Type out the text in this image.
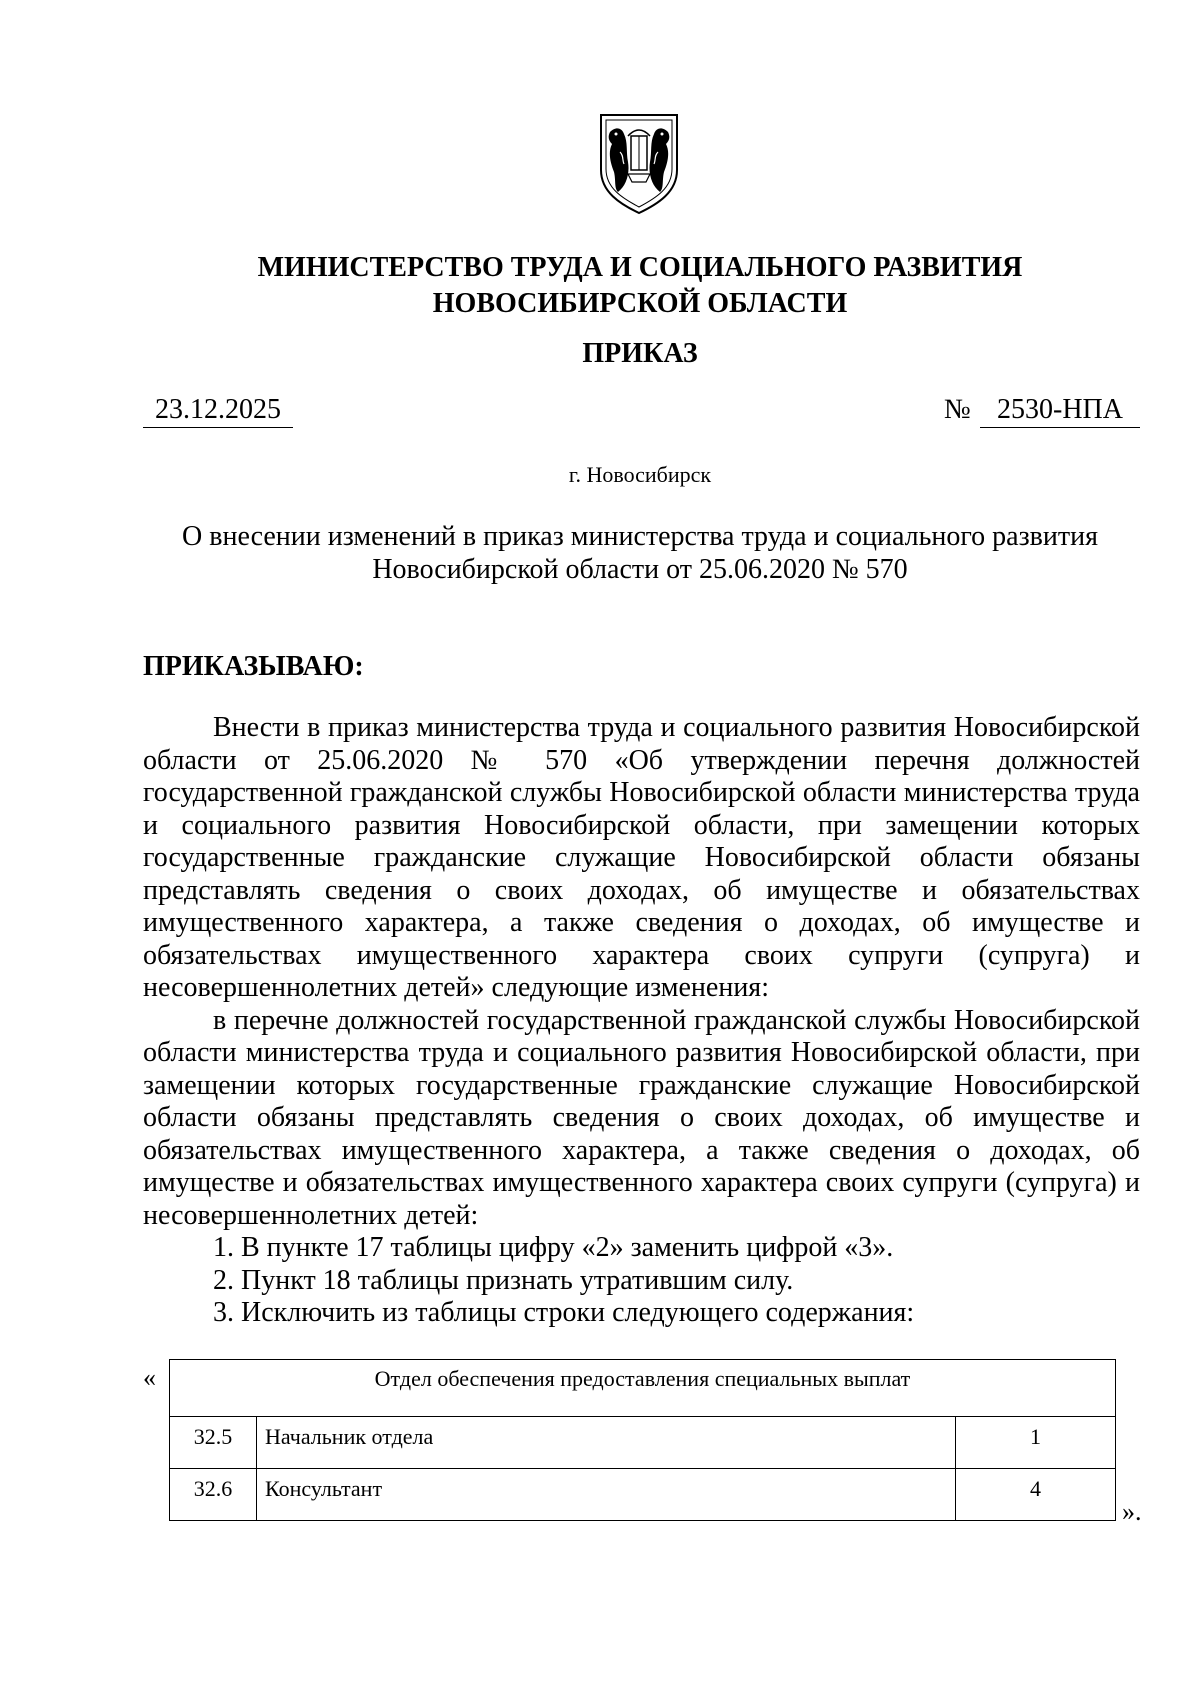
МИНИСТЕРСТВО ТРУДА И СОЦИАЛЬНОГО РАЗВИТИЯ
НОВОСИБИРСКОЙ ОБЛАСТИ
ПРИКАЗ
23.12.2025	№ 2530-НПА
г. Новосибирск
О внесении изменений в приказ министерства труда и социального развития
Новосибирской области от 25.06.2020 № 570
ПРИКАЗЫВАЮ:

Внести в приказ министерства труда и социального развития Новосибирской области от 25.06.2020 № 570 «Об утверждении перечня должностей государственной гражданской службы Новосибирской области министерства труда и социального развития Новосибирской области, при замещении которых государственные гражданские служащие Новосибирской области обязаны представлять сведения о своих доходах, об имуществе и обязательствах имущественного характера, а также сведения о доходах, об имуществе и обязательствах имущественного характера своих супруги (супруга) и несовершеннолетних детей» следующие изменения:

в перечне должностей государственной гражданской службы Новосибирской области министерства труда и социального развития Новосибирской области, при замещении которых государственные гражданские служащие Новосибирской области обязаны представлять сведения о своих доходах, об имуществе и обязательствах имущественного характера, а также сведения о доходах, об имуществе и обязательствах имущественного характера своих супруги (супруга) и несовершеннолетних детей:

1. В пункте 17 таблицы цифру «2» заменить цифрой «3».

2. Пункт 18 таблицы признать утратившим силу.

3. Исключить из таблицы строки следующего содержания:

«	Отдел обеспечения предоставления специальных выплат		
32.5	Начальник отдела	1
32.6	Консультант	4
».
